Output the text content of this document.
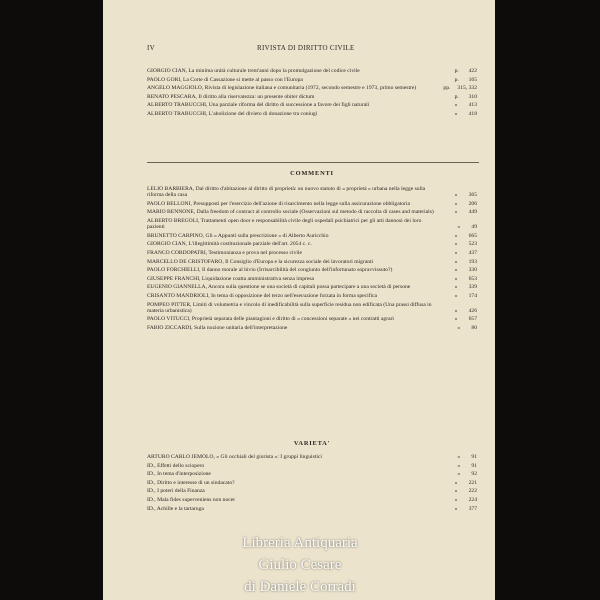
IV	RIVISTA DI DIRITTO CIVILE
GIORGIO CIAN, La minima unità culturale trent'anni dopo la promulgazione del codice civile	p. 422
PAOLO GORI, La Corte di Cassazione si mette al passo con l'Europa	p. 165
ANGELO MAGGIOLO, Rivista di legislazione italiana e comunitaria (1972, secondo semestre e 1973, primo semestre)	pp. 315, 332
RENATO PESCARA, Il diritto alla riservatezza: un presente obiter dictum	p. 310
ALBERTO TRABUCCHI, Una parziale riforma del diritto di successione a favore dei figli naturali	» 413
ALBERTO TRABUCCHI, L'abolizione del divieto di donazione tra coniugi	» 418
COMMENTI
LELIO BARBIERA, Dal diritto d'abitazione al diritto di proprietà: un nuovo statuto di « proprietà » urbana nella legge sulla riforma della casa	» 365
PAOLO BELLONI, Presupposti per l'esercizio dell'azione di risarcimento nella legge sulla assicurazione obbligatoria	» 206
MARIO BENNONE, Dalla freedom of contract al controllo sociale (Osservazioni sul metodo di raccolta di cases and materials)	» 449
ALBERTO BREGOLI, Trattamenti open door e responsabilità civile degli ospedali psichiatrici per gli atti dannosi dei loro pazienti	» 49
BRUNETTO CARPINO, Gli « Appunti sulla prescrizione » di Alberto Auricchio	» 665
GIORGIO CIAN, L'illegittimità costituzionale parziale dell'art. 2054 c. c.	» 523
FRANCO CORDOPATRI, Testimonianza e prova nel processo civile	» 437
MARCELLO DE CRISTOFARO, Il Consiglio d'Europa e la sicurezza sociale dei lavoratori migranti	» 193
PAOLO FORCHIELLI, Il danno morale al bivio (Irrisarcibilità del congiunto dell'infortunato sopravvissuto?)	» 330
GIUSEPPE FRANCHI, Liquidazione coatta amministrativa senza impresa	» 653
EUGENIO GIANNELLA, Ancora sulla questione se una società di capitali possa partecipare a una società di persone	» 339
CRISANTO MANDRIOLI, In tema di opposizione del terzo nell'esecuzione forzata in forma specifica	» 174
POMPEO PITTER, Limiti di volumetria e vincolo di inedificabilità sulla superficie residua non edificata (Una prassi diffusa in materia urbanistica)	» 426
PAOLO VITUCCI, Proprietà separata delle piantagioni e diritto di « concessioni separate » nei contratti agrari	» 657
FABIO ZICCARDI, Sulla nozione unitaria dell'interpretazione	» 80
VARIETA'
ARTURO CARLO JEMOLO, « Gli occhiali del giurista »: I gruppi linguistici	» 91
ID., Effetti dello sciopero	» 91
ID., In tema d'interposizione	» 92
ID., Diritto e interesse di un sindacato?	» 221
ID., I poteri della Finanza	» 222
ID., Mala fides superveniens non nocet	» 224
ID., Achille e la tartaruga	» 377
Libreria Antiquaria
Giulio Cesare
di Daniele Corradi
